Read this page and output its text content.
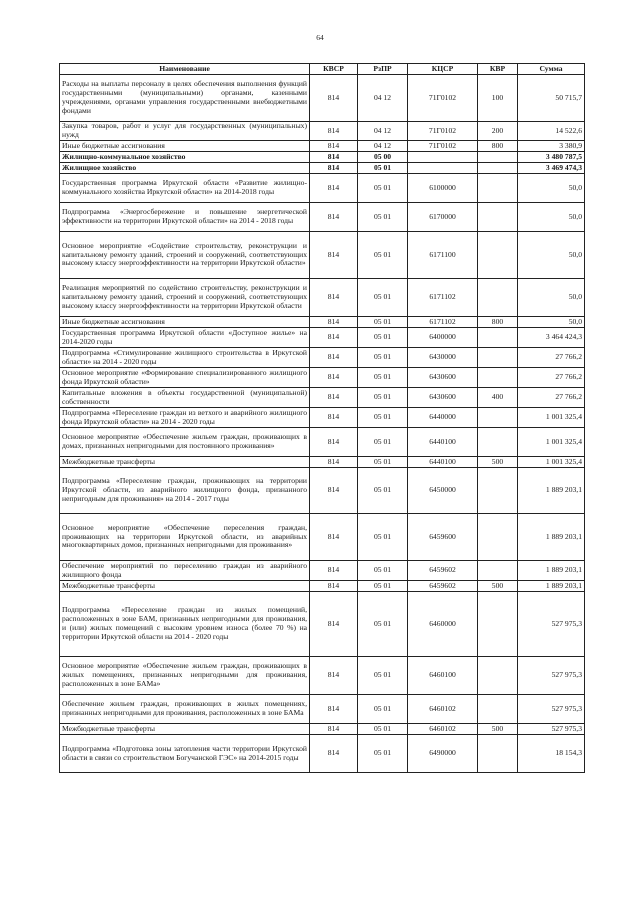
64
Наименование	КВСР	РзПР	КЦСР	КВР	Сумма
Расходы на выплаты персоналу в целях обеспечения выполнения функций государственными (муниципальными) органами, казенными учреждениями, органами управления государственными внебюджетными фондами	814	04 12	71Г0102	100	50 715,7
Закупка товаров, работ и услуг для государственных (муниципальных) нужд	814	04 12	71Г0102	200	14 522,6
Иные бюджетные ассигнования	814	04 12	71Г0102	800	3 380,9
Жилищно-коммунальное хозяйство	814	05 00			3 480 787,5
Жилищное хозяйство	814	05 01			3 469 474,3
Государственная программа Иркутской области «Развитие жилищно-коммунального хозяйства Иркутской области» на 2014-2018 годы	814	05 01	6100000		50,0
Подпрограмма «Энергосбережение и повышение энергетической эффективности на территории Иркутской области» на 2014 - 2018 годы	814	05 01	6170000		50,0
Основное мероприятие «Содействие строительству, реконструкции и капитальному ремонту зданий, строений и сооружений, соответствующих высокому классу энергоэффективности на территории Иркутской области»	814	05 01	6171100		50,0
Реализация мероприятий по содействию строительству, реконструкции и капитальному ремонту зданий, строений и сооружений, соответствующих высокому классу энергоэффективности на территории Иркутской области	814	05 01	6171102		50,0
Иные бюджетные ассигнования	814	05 01	6171102	800	50,0
Государственная программа Иркутской области «Доступное жилье» на 2014-2020 годы	814	05 01	6400000		3 464 424,3
Подпрограмма «Стимулирование жилищного строительства в Иркутской области» на 2014 - 2020 годы	814	05 01	6430000		27 766,2
Основное мероприятие «Формирование специализированного жилищного фонда Иркутской области»	814	05 01	6430600		27 766,2
Капитальные вложения в объекты государственной (муниципальной) собственности	814	05 01	6430600	400	27 766,2
Подпрограмма «Переселение граждан из ветхого и аварийного жилищного фонда Иркутской области» на 2014 - 2020 годы	814	05 01	6440000		1 001 325,4
Основное мероприятие «Обеспечение жильем граждан, проживающих в домах, признанных непригодными для постоянного проживания»	814	05 01	6440100		1 001 325,4
Межбюджетные трансферты	814	05 01	6440100	500	1 001 325,4
Подпрограмма «Переселение граждан, проживающих на территории Иркутской области, из аварийного жилищного фонда, признанного непригодным для проживания» на 2014 - 2017 годы	814	05 01	6450000		1 889 203,1
Основное мероприятие «Обеспечение переселения граждан, проживающих на территории Иркутской области, из аварийных многоквартирных домов, признанных непригодными для проживания»	814	05 01	6459600		1 889 203,1
Обеспечение мероприятий по переселению граждан из аварийного жилищного фонда	814	05 01	6459602		1 889 203,1
Межбюджетные трансферты	814	05 01	6459602	500	1 889 203,1
Подпрограмма «Переселение граждан из жилых помещений, расположенных в зоне БАМ, признанных непригодными для проживания, и (или) жилых помещений с высоким уровнем износа (более 70 %) на территории Иркутской области на 2014 - 2020 годы	814	05 01	6460000		527 975,3
Основное мероприятие «Обеспечение жильем граждан, проживающих в жилых помещениях, признанных непригодными для проживания, расположенных в зоне БАМа»	814	05 01	6460100		527 975,3
Обеспечение жильем граждан, проживающих в жилых помещениях, признанных непригодными для проживания, расположенных в зоне БАМа	814	05 01	6460102		527 975,3
Межбюджетные трансферты	814	05 01	6460102	500	527 975,3
Подпрограмма «Подготовка зоны затопления части территории Иркутской области в связи со строительством Богучанской ГЭС» на 2014-2015 годы	814	05 01	6490000		18 154,3
